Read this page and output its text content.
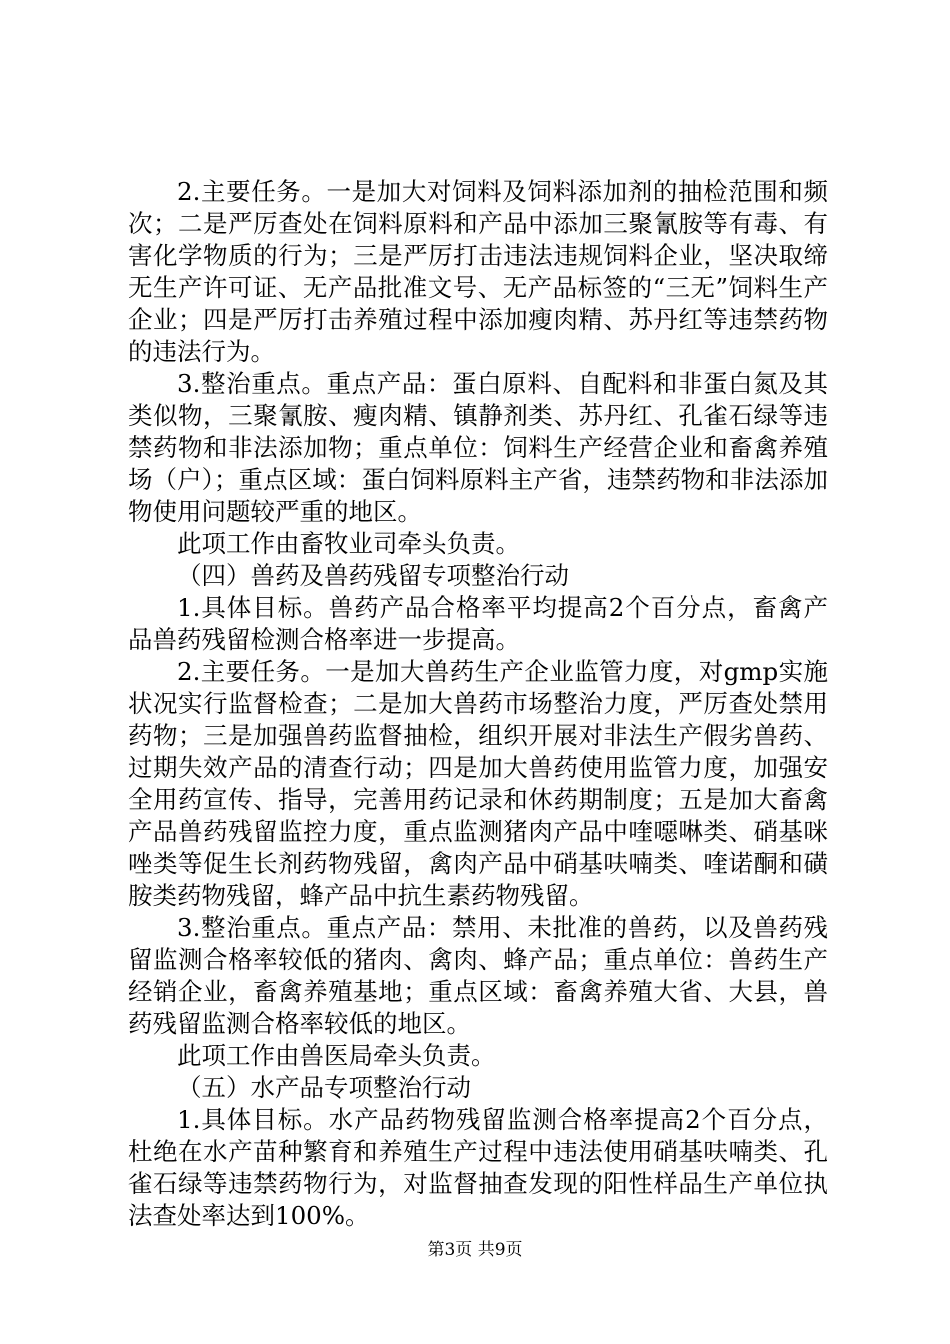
2.主要任务。一是加大对饲料及饲料添加剂的抽检范围和频次；二是严厉查处在饲料原料和产品中添加三聚氰胺等有毒、有害化学物质的行为；三是严厉打击违法违规饲料企业，坚决取缔无生产许可证、无产品批准文号、无产品标签的“三无”饲料生产企业；四是严厉打击养殖过程中添加瘦肉精、苏丹红等违禁药物的违法行为。

3.整治重点。重点产品：蛋白原料、自配料和非蛋白氮及其类似物，三聚氰胺、瘦肉精、镇静剂类、苏丹红、孔雀石绿等违禁药物和非法添加物；重点单位：饲料生产经营企业和畜禽养殖场（户）；重点区域：蛋白饲料原料主产省，违禁药物和非法添加物使用问题较严重的地区。

此项工作由畜牧业司牵头负责。

（四）兽药及兽药残留专项整治行动

1.具体目标。兽药产品合格率平均提高2个百分点，畜禽产品兽药残留检测合格率进一步提高。

2.主要任务。一是加大兽药生产企业监管力度，对gmp实施状况实行监督检查；二是加大兽药市场整治力度，严厉查处禁用药物；三是加强兽药监督抽检，组织开展对非法生产假劣兽药、过期失效产品的清查行动；四是加大兽药使用监管力度，加强安全用药宣传、指导，完善用药记录和休药期制度；五是加大畜禽产品兽药残留监控力度，重点监测猪肉产品中喹噁啉类、硝基咪唑类等促生长剂药物残留，禽肉产品中硝基呋喃类、喹诺酮和磺胺类药物残留，蜂产品中抗生素药物残留。

3.整治重点。重点产品：禁用、未批准的兽药，以及兽药残留监测合格率较低的猪肉、禽肉、蜂产品；重点单位：兽药生产经销企业，畜禽养殖基地；重点区域：畜禽养殖大省、大县，兽药残留监测合格率较低的地区。

此项工作由兽医局牵头负责。

（五）水产品专项整治行动

1.具体目标。水产品药物残留监测合格率提高2个百分点，杜绝在水产苗种繁育和养殖生产过程中违法使用硝基呋喃类、孔雀石绿等违禁药物行为，对监督抽查发现的阳性样品生产单位执法查处率达到100%。

第3页 共9页
